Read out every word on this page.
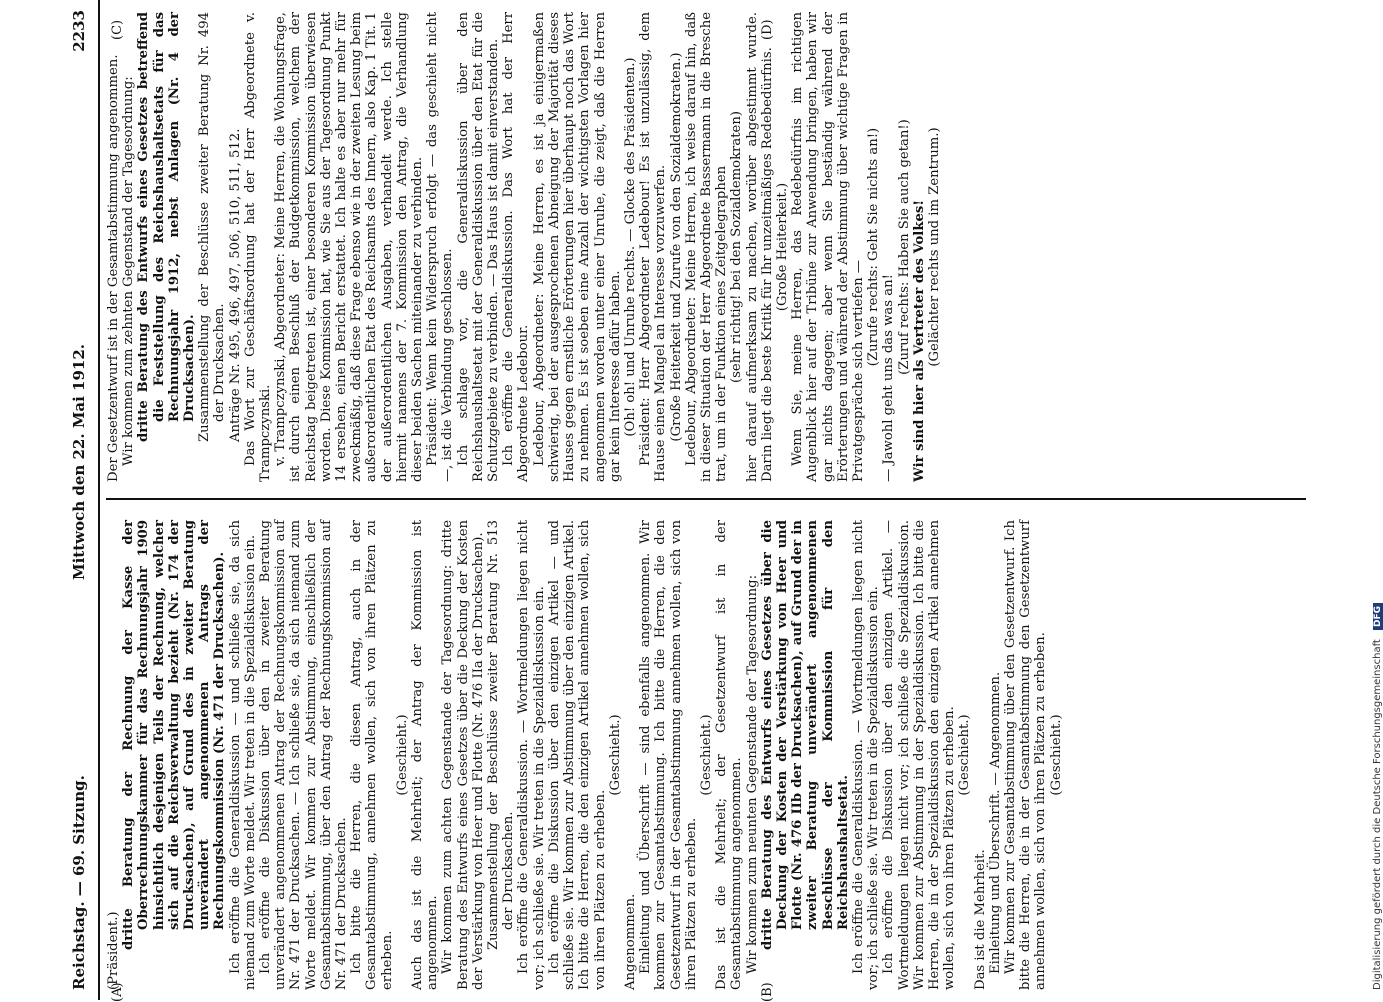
Reichstag. — 69. Sitzung.
Mittwoch den 22. Mai 1912.
2233

(Präsident.)

dritte Beratung der Rechnung der Kasse der Oberrechnungskammer für das Rechnungsjahr 1909 hinsichtlich desjenigen Teils der Rechnung, welcher sich auf die Reichsverwaltung bezieht (Nr. 174 der Drucksachen), auf Grund des in zweiter Beratung unverändert angenommenen Antrags der Rechnungskommission (Nr. 471 der Drucksachen). Ich eröffne die Generaldiskussion — und schließe sie, da sich niemand zum Worte meldet. Wir treten in die Spezialdiskussion ein. Ich eröffne die Diskussion über den in zweiter Beratung unverändert angenommenen Antrag der Rechnungskommission auf Nr. 471 der Drucksachen. — Ich schließe sie, da sich niemand zum Worte meldet. Wir kommen zur Abstimmung, einschließlich der Gesamtabstimmung, über den Antrag der Rechnungskommission auf Nr. 471 der Drucksachen. Ich bitte die Herren, die diesen Antrag, auch in der Gesamtabstimmung, annehmen wollen, sich von ihren Plätzen zu erheben.

(Geschieht.) Auch das ist die Mehrheit; der Antrag der Kommission ist angenommen. Wir kommen zum achten Gegenstande der Tagesordnung: dritte Beratung des Entwurfs eines Gesetzes über die Deckung der Kosten der Verstärkung von Heer und Flotte (Nr. 476 IIa der Drucksachen). Zusammenstellung der Beschlüsse zweiter Beratung Nr. 513 der Drucksachen. Ich eröffne die Generaldiskussion. — Wortmeldungen liegen nicht vor; ich schließe sie. Wir treten in die Spezialdiskussion ein. Ich eröffne die Diskussion über den einzigen Artikel — und schließe sie. Wir kommen zur Abstimmung über den einzigen Artikel. Ich bitte die Herren, die den einzigen Artikel annehmen wollen, sich von ihren Plätzen zu erheben.

(Geschieht.)

Angenommen. Einleitung und Überschrift — sind ebenfalls angenommen. Wir kommen zur Gesamtabstimmung. Ich bitte die Herren, die den Gesetzentwurf in der Gesamtabstimmung annehmen wollen, sich von ihren Plätzen zu erheben.

(Geschieht.) Das ist die Mehrheit; der Gesetzentwurf ist in der Gesamtabstimmung angenommen. Wir kommen zum neunten Gegenstande der Tagesordnung: dritte Beratung des Entwurfs eines Gesetzes über die Deckung der Kosten der Verstärkung von Heer und Flotte (Nr. 476 IIb der Drucksachen), auf Grund der in zweiter Beratung unverändert angenommenen Beschlüsse der Kommission für den Reichshaushaltsetat. Ich eröffne die Generaldiskussion. — Wortmeldungen liegen nicht vor; ich schließe sie. Wir treten in die Spezialdiskussion ein. Ich eröffne die Diskussion über den einzigen Artikel. — Wortmeldungen liegen nicht vor; ich schließe die Spezialdiskussion. Wir kommen zur Abstimmung in der Spezialdiskussion. Ich bitte die Herren, die in der Spezialdiskussion den einzigen Artikel annehmen wollen, sich von ihren Plätzen zu erheben. (Geschieht.)

Das ist die Mehrheit. Einleitung und Überschrift. — Angenommen. Wir kommen zur Gesamtabstimmung über den Gesetzentwurf. Ich bitte die Herren, die in der Gesamtabstimmung den Gesetzentwurf annehmen wollen, sich von ihren Plätzen zu erheben. (Geschieht.)

Der Gesetzentwurf ist in der Gesamtabstimmung angenommen. Wir kommen zum zehnten Gegenstand der Tagesordnung: dritte Beratung des Entwurfs eines Gesetzes betreffend die Feststellung des Reichshaushaltsetats für das Rechnungsjahr 1912, nebst Anlagen (Nr. 4 der Drucksachen). Zusammenstellung der Beschlüsse zweiter Beratung Nr. 494 der Drucksachen. Anträge Nr. 495, 496, 497, 506, 510, 511, 512. Das Wort zur Geschäftsordnung hat der Herr Abgeordnete v. Trampczynski. v. Trampczynski, Abgeordneter: Meine Herren, die Wohnungsfrage, ist durch einen Beschluß der Budgetkommission, welchem der Reichstag beigetreten ist, einer besonderen Kommission überwiesen worden. Diese Kommission hat, wie Sie aus der Tagesordnung Punkt 14 ersehen, einen Bericht erstattet. Ich halte es aber nur mehr für zweckmäßig, daß diese Frage ebenso wie in der zweiten Lesung beim außerordentlichen Etat des Reichsamts des Innern, also Kap. 1 Tit. 1 der außerordentlichen Ausgaben, verhandelt werde. Ich stelle hiermit namens der 7. Kommission den Antrag, die Verhandlung dieser beiden Sachen miteinander zu verbinden. Präsident: Wenn kein Widerspruch erfolgt — das geschieht nicht —, ist die Verbindung geschlossen. Ich schlage vor, die Generaldiskussion über den Reichshaushaltsetat mit der Generaldiskussion über den Etat für die Schutzgebiete zu verbinden. — Das Haus ist damit einverstanden. Ich eröffne die Generaldiskussion. Das Wort hat der Herr Abgeordnete Ledebour. Ledebour, Abgeordneter: Meine Herren, es ist ja einigermaßen schwierig, bei der ausgesprochenen Abneigung der Majorität dieses Hauses gegen ernstliche Erörterungen hier überhaupt noch das Wort zu nehmen. Es ist soeben eine Anzahl der wichtigsten Vorlagen hier angenommen worden unter einer Unruhe, die zeigt, daß die Herren gar kein Interesse dafür haben. (Oh! oh! und Unruhe rechts. — Glocke des Präsidenten.) Präsident: Herr Abgeordneter Ledebour! Es ist unzulässig, dem Hause einen Mangel an Interesse vorzuwerfen. (Große Heiterkeit und Zurufe von den Sozialdemokraten.) Ledebour, Abgeordneter: Meine Herren, ich weise darauf hin, daß in dieser Situation der Herr Abgeordnete Bassermann in die Bresche trat, um in der Funktion eines Zeitgelegraphen (sehr richtig! bei den Sozialdemokraten) hier darauf aufmerksam zu machen, worüber abgestimmt wurde. Darin liegt die beste Kritik für Ihr unzeitmäßiges Redebedürfnis. (Große Heiterkeit.) Wenn Sie, meine Herren, das Redebedürfnis im richtigen Augenblick hier auf der Tribüne zur Anwendung bringen, haben wir gar nichts dagegen; aber wenn Sie beständig während der Erörterungen und während der Abstimmung über wichtige Fragen in Privatgespräche sich vertiefen —

(Zurufe rechts: Geht Sie nichts an!)

— Jawohl geht uns das was an!

(Zuruf rechts: Haben Sie auch getan!) Wir sind hier als Vertreter des Volkes! (Gelächter rechts und im Zentrum.)

(A)	(B)
(C)	(D)
Digitalisierung gefördert durch die Deutsche Forschungsgemeinschaft DFG
